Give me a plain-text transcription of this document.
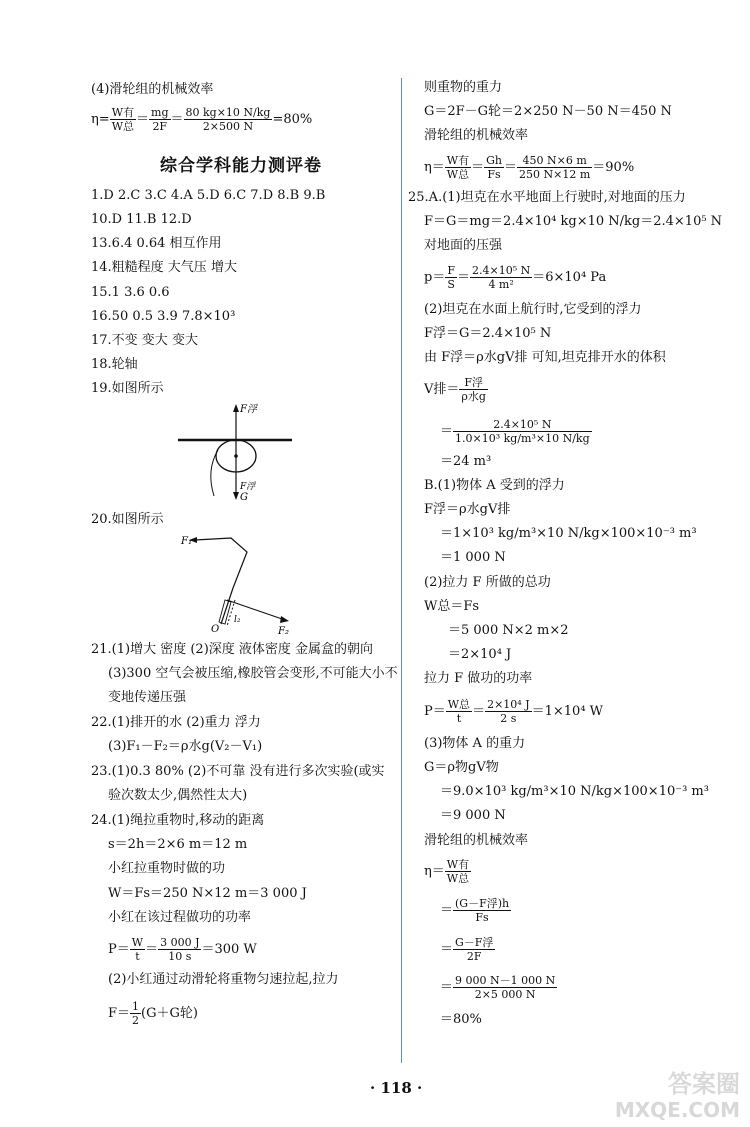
(4)滑轮组的机械效率
$\eta= \frac{\text{W有}}{\text{W总}} = \frac{mg}{2F} = \frac{80 kg\times 10 N/kg}{2\times 500 N} =80\%$
综合学科能力测评卷
1.D 2.C 3.C 4.A 5.D 6.C 7.D 8.B 9.B
10.D 11.B 12.D
13.6.4 0.64 相互作用
14.粗糙程度 大气压 增大
15.1 3.6 0.6
16.50 0.5 3.9 7.8×10³
17.不变 变大 变大
18.轮轴
19.如图所示
F浮
F浮
G
20.如图所示
F₁
F₂
O
l₂
21.(1)增大 密度 (2)深度 液体密度 金属盒的朝向
(3)300 空气会被压缩,橡胶管会变形,不可能大小不
变地传递压强
22.(1)排开的水 (2)重力 浮力
(3)F₁－F₂＝ρ水g(V₂－V₁)
23.(1)0.3 80% (2)不可靠 没有进行多次实验(或实
验次数太少,偶然性太大)
24.(1)绳拉重物时,移动的距离
s＝2h＝2×6 m＝12 m
小红拉重物时做的功
W＝Fs＝250 N×12 m＝3 000 J
小红在该过程做功的功率
$P= \frac{W}{t} = \frac{3 000 J}{10 s} =300$ W
(2)小红通过动滑轮将重物匀速拉起,拉力
$F= \frac{1}{2} (G+G$轮)
则重物的重力
G＝2F－G轮＝2×250 N－50 N＝450 N
滑轮组的机械效率
$\eta= \frac{\text{W有}}{\text{W总}} = \frac{Gh}{Fs} = \frac{450 N\times 6 m}{250 N\times 12 m} =90\%$
25.A.(1)坦克在水平地面上行驶时,对地面的压力
F＝G＝mg＝2.4×10⁴ kg×10 N/kg＝2.4×10⁵ N
对地面的压强
$p= \frac{F}{S} = \frac{\text{2.4×10⁵ N}}{\text{4 m²}} =6\times 10^4$ Pa
(2)坦克在水面上航行时,它受到的浮力
F浮＝G＝2.4×10⁵ N
由 F浮＝ρ水gV排 可知,坦克排开水的体积
V排＝ $\frac{\text{F浮}}{\text{ρ水g}}$
＝ $\frac{\text{2.4×10⁵ N}}{\text{1.0×10³ kg/m³×10 N/kg}}$
＝24 m³
B.(1)物体 A 受到的浮力
F浮＝ρ水gV排
＝1×10³ kg/m³×10 N/kg×100×10⁻³ m³
＝1 000 N
(2)拉力 F 所做的总功
W总＝Fs
＝5 000 N×2 m×2
＝2×10⁴ J
拉力 F 做功的功率
$P= \frac{\text{W总}}{t} = \frac{\text{2×10⁴ J}}{2 s} =1\times 10^4$ W
(3)物体 A 的重力
G＝ρ物gV物
＝9.0×10³ kg/m³×10 N/kg×100×10⁻³ m³
＝9 000 N
滑轮组的机械效率
$\eta= \frac{\text{W有}}{\text{W总}}$
＝ $\frac{\text{(G－F浮)h}}{Fs}$
＝ $\frac{\text{G－F浮}}{2F}$
＝ $\frac{9 000 N-1 000 N}{2\times 5 000 N}$
＝80%
· 118 ·	答案圈
MXQE.COM
